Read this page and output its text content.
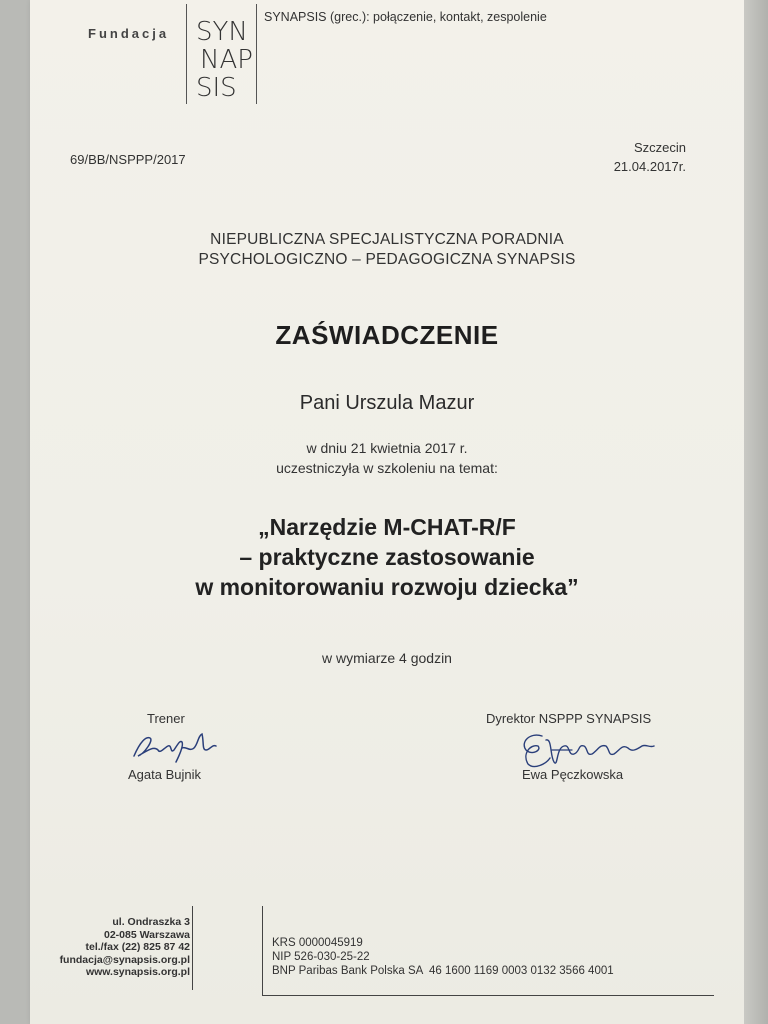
Fundacja SYN
NAP
SIS
SYNAPSIS (grec.): połączenie, kontakt, zespolenie
69/BB/NSPPP/2017
Szczecin
21.04.2017r.
NIEPUBLICZNA SPECJALISTYCZNA PORADNIA
PSYCHOLOGICZNO – PEDAGOGICZNA SYNAPSIS
ZAŚWIADCZENIE
Pani Urszula Mazur
w dniu 21 kwietnia 2017 r.
uczestniczyła w szkoleniu na temat:
„Narzędzie M-CHAT-R/F
– praktyczne zastosowanie
w monitorowaniu rozwoju dziecka”
w wymiarze 4 godzin
Trener
Agata Bujnik
Dyrektor NSPPP SYNAPSIS
Ewa Pęczkowska
ul. Ondraszka 3
02-085 Warszawa
tel./fax (22) 825 87 42
fundacja@synapsis.org.pl
www.synapsis.org.pl
KRS 0000045919
NIP 526-030-25-22
BNP Paribas Bank Polska SA  46 1600 1169 0003 0132 3566 4001
